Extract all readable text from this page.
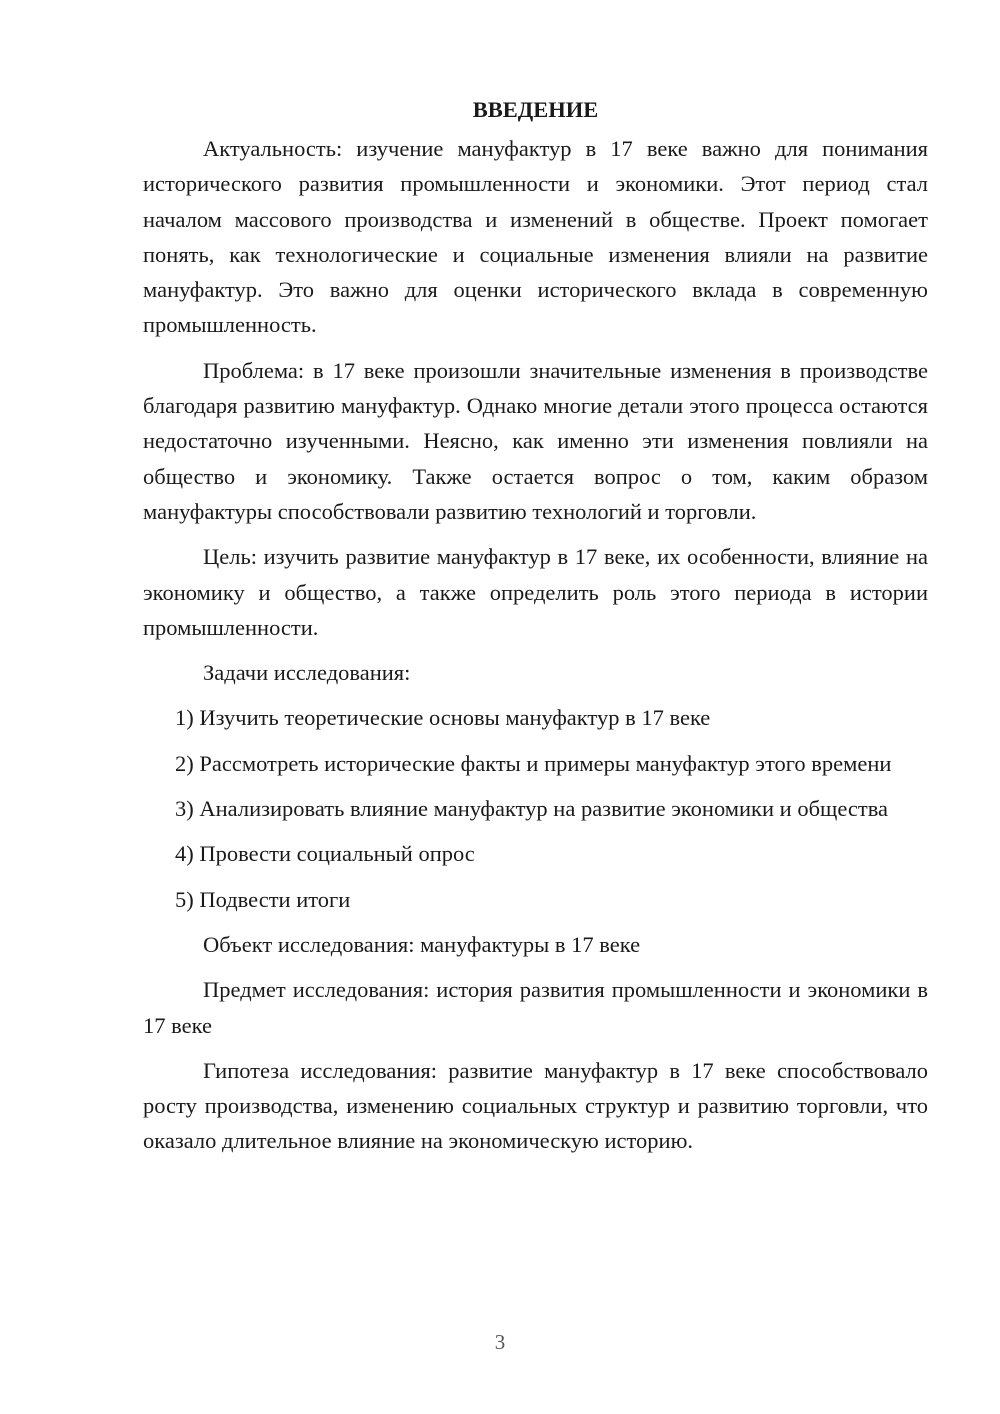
ВВЕДЕНИЕ

Актуальность: изучение мануфактур в 17 веке важно для понимания исторического развития промышленности и экономики. Этот период стал началом массового производства и изменений в обществе. Проект помогает понять, как технологические и социальные изменения влияли на развитие мануфактур. Это важно для оценки исторического вклада в современную промышленность.

Проблема: в 17 веке произошли значительные изменения в производстве благодаря развитию мануфактур. Однако многие детали этого процесса остаются недостаточно изученными. Неясно, как именно эти изменения повлияли на общество и экономику. Также остается вопрос о том, каким образом мануфактуры способствовали развитию технологий и торговли.

Цель: изучить развитие мануфактур в 17 веке, их особенности, влияние на экономику и общество, а также определить роль этого периода в истории промышленности.

Задачи исследования:

1) Изучить теоретические основы мануфактур в 17 веке

2) Рассмотреть исторические факты и примеры мануфактур этого времени

3) Анализировать влияние мануфактур на развитие экономики и общества

4) Провести социальный опрос

5) Подвести итоги

Объект исследования: мануфактуры в 17 веке

Предмет исследования: история развития промышленности и экономики в 17 веке

Гипотеза исследования: развитие мануфактур в 17 веке способствовало росту производства, изменению социальных структур и развитию торговли, что оказало длительное влияние на экономическую историю.

3
